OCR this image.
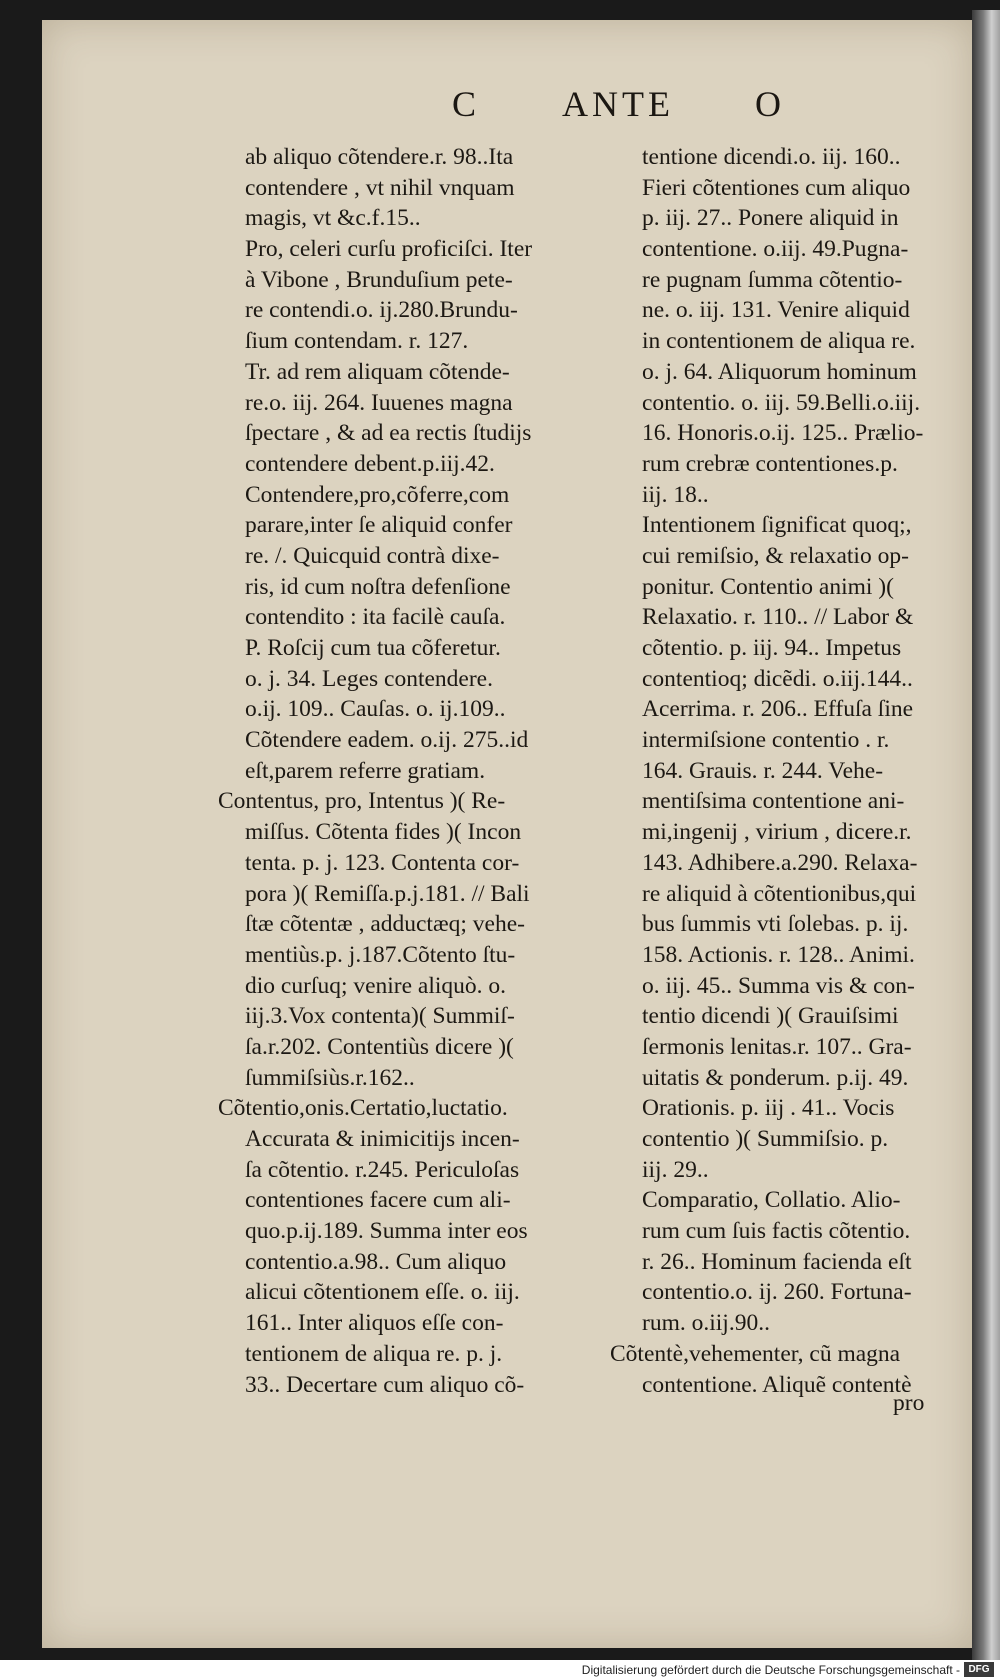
C ANTE O
ab aliquo cõtendere.r. 98..Ita
contendere , vt nihil vnquam
magis, vt &c.f.15..
Pro, celeri curſu proficiſci. Iter
à Vibone , Brunduſium pete-
re contendi.o. ij.280.Brundu-
ſium contendam. r. 127.
Tr. ad rem aliquam cõtende-
re.o. iij. 264. Iuuenes magna
ſpectare , & ad ea rectis ſtudijs
contendere debent.p.iij.42.
Contendere,pro,cõferre,com
parare,inter ſe aliquid confer
re. /. Quicquid contrà dixe-
ris, id cum noſtra defenſione
contendito : ita facilè cauſa.
P. Roſcij cum tua cõferetur.
o. j. 34. Leges contendere.
o.ij. 109.. Cauſas. o. ij.109..
Cõtendere eadem. o.ij. 275..id
eſt,parem referre gratiam.
Contentus, pro, Intentus )( Re-
miſſus. Cõtenta fides )( Incon
tenta. p. j. 123. Contenta cor-
pora )( Remiſſa.p.j.181. // Bali
ſtæ cõtentæ , adductæq; vehe-
mentiùs.p. j.187.Cõtento ſtu-
dio curſuq; venire aliquò. o.
iij.3.Vox contenta)( Summiſ-
ſa.r.202. Contentiùs dicere )(
ſummiſsiùs.r.162..
Cõtentio,onis.Certatio,luctatio.
Accurata & inimicitijs incen-
ſa cõtentio. r.245. Periculoſas
contentiones facere cum ali-
quo.p.ij.189. Summa inter eos
contentio.a.98.. Cum aliquo
alicui cõtentionem eſſe. o. iij.
161.. Inter aliquos eſſe con-
tentionem de aliqua re. p. j.
33.. Decertare cum aliquo cõ-
tentione dicendi.o. iij. 160..
Fieri cõtentiones cum aliquo
p. iij. 27.. Ponere aliquid in
contentione. o.iij. 49.Pugna-
re pugnam ſumma cõtentio-
ne. o. iij. 131. Venire aliquid
in contentionem de aliqua re.
o. j. 64. Aliquorum hominum
contentio. o. iij. 59.Belli.o.iij.
16. Honoris.o.ij. 125.. Prælio-
rum crebræ contentiones.p.
iij. 18..
Intentionem ſignificat quoq;,
cui remiſsio, & relaxatio op-
ponitur. Contentio animi )(
Relaxatio. r. 110.. // Labor &
cõtentio. p. iij. 94.. Impetus
contentioq; dicẽdi. o.iij.144..
Acerrima. r. 206.. Effuſa ſine
intermiſsione contentio . r.
164. Grauis. r. 244. Vehe-
mentiſsima contentione ani-
mi,ingenij , virium , dicere.r.
143. Adhibere.a.290. Relaxa-
re aliquid à cõtentionibus,qui
bus ſummis vti ſolebas. p. ij.
158. Actionis. r. 128.. Animi.
o. iij. 45.. Summa vis & con-
tentio dicendi )( Grauiſsimi
ſermonis lenitas.r. 107.. Gra-
uitatis & ponderum. p.ij. 49.
Orationis. p. iij . 41.. Vocis
contentio )( Summiſsio. p.
iij. 29..
Comparatio, Collatio. Alio-
rum cum ſuis factis cõtentio.
r. 26.. Hominum facienda eſt
contentio.o. ij. 260. Fortuna-
rum. o.iij.90..
Cõtentè,vehementer, cũ magna
contentione. Aliquẽ contentè
pro
Digitalisierung gefördert durch die Deutsche Forschungsgemeinschaft - DFG
